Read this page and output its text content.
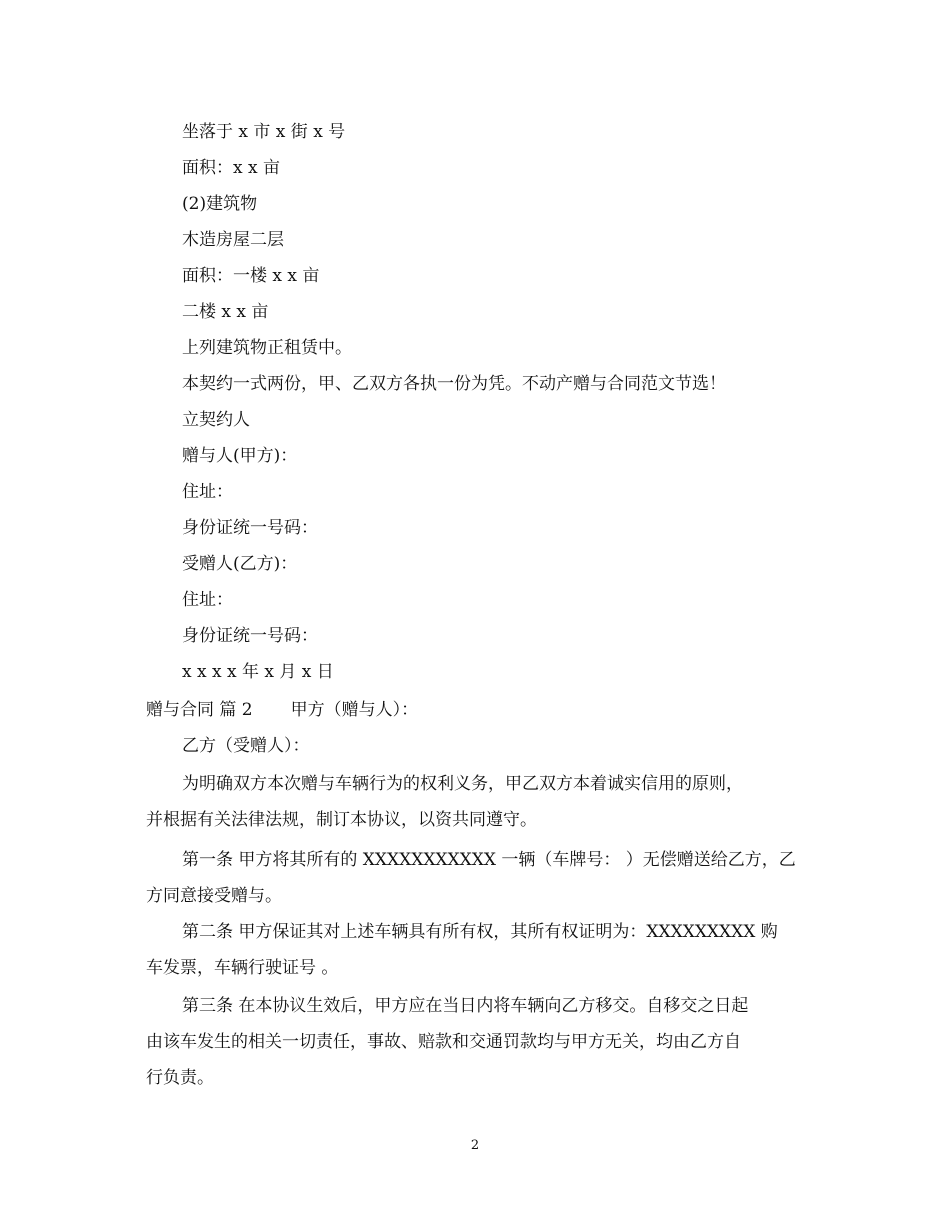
坐落于 x 市 x 街 x 号
面积：x x 亩
(2)建筑物
木造房屋二层
面积：一楼 x x 亩
二楼 x x 亩
上列建筑物正租赁中。
本契约一式两份，甲、乙双方各执一份为凭。不动产赠与合同范文节选！
立契约人
赠与人(甲方)：
住址：
身份证统一号码：
受赠人(乙方)：
住址：
身份证统一号码：
x x x x 年 x 月 x 日
赠与合同 篇 2 甲方（赠与人）：
乙方（受赠人）：
为明确双方本次赠与车辆行为的权利义务，甲乙双方本着诚实信用的原则，
并根据有关法律法规，制订本协议，以资共同遵守。
第一条 甲方将其所有的 XXXXXXXXXXX 一辆（车牌号： ）无偿赠送给乙方，乙
方同意接受赠与。
第二条 甲方保证其对上述车辆具有所有权，其所有权证明为：XXXXXXXXX 购
车发票，车辆行驶证号 。
第三条 在本协议生效后，甲方应在当日内将车辆向乙方移交。自移交之日起
由该车发生的相关一切责任，事故、赔款和交通罚款均与甲方无关，均由乙方自
行负责。
2
